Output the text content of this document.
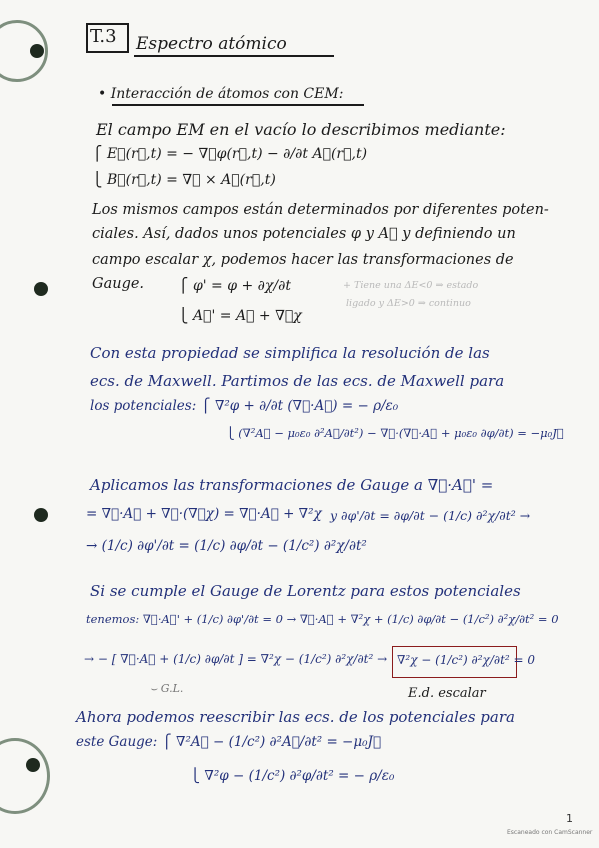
T.3 Espectro atómico
• Interacción de átomos con CEM:
El campo EM en el vacío lo describimos mediante:
⎧ E⃗(r⃗,t) = − ∇⃗φ(r⃗,t) − ∂/∂t A⃗(r⃗,t)
⎩ B⃗(r⃗,t) = ∇⃗ × A⃗(r⃗,t)
Los mismos campos están determinados por diferentes poten-
ciales. Así, dados unos potenciales φ y A⃗ y definiendo un
campo escalar χ, podemos hacer las transformaciones de
Gauge. ⎧ φ' = φ + ∂χ/∂t
⎩ A⃗' = A⃗ + ∇⃗χ
+ Tiene una ΔE<0 ⇒ estado
ligado y ΔE>0 ⇒ continuo
Con esta propiedad se simplifica la resolución de las
ecs. de Maxwell. Partimos de las ecs. de Maxwell para
los potenciales: ⎧ ∇²φ + ∂/∂t (∇⃗·A⃗) = − ρ/ε₀
⎩ (∇²A⃗ − μ₀ε₀ ∂²A⃗/∂t²) − ∇⃗·(∇⃗·A⃗ + μ₀ε₀ ∂φ/∂t) = −μ₀J⃗
Aplicamos las transformaciones de Gauge a ∇⃗·A⃗' =
= ∇⃗·A⃗ + ∇⃗·(∇⃗χ) = ∇⃗·A⃗ + ∇²χ y ∂φ'/∂t = ∂φ/∂t − (1/c) ∂²χ/∂t² →
→ (1/c) ∂φ'/∂t = (1/c) ∂φ/∂t − (1/c²) ∂²χ/∂t²
Si se cumple el Gauge de Lorentz para estos potenciales
tenemos: ∇⃗·A⃗' + (1/c) ∂φ'/∂t = 0 → ∇⃗·A⃗ + ∇²χ + (1/c) ∂φ/∂t − (1/c²) ∂²χ/∂t² = 0
→ − [ ∇⃗·A⃗ + (1/c) ∂φ/∂t ] = ∇²χ − (1/c²) ∂²χ/∂t² → ∇²χ − (1/c²) ∂²χ/∂t² = 0
⌣ G.L.	E.d. escalar
Ahora podemos reescribir las ecs. de los potenciales para
este Gauge: ⎧ ∇²A⃗ − (1/c²) ∂²A⃗/∂t² = −μ₀J⃗
⎩ ∇²φ − (1/c²) ∂²φ/∂t² = − ρ/ε₀
1
Escaneado con CamScanner
